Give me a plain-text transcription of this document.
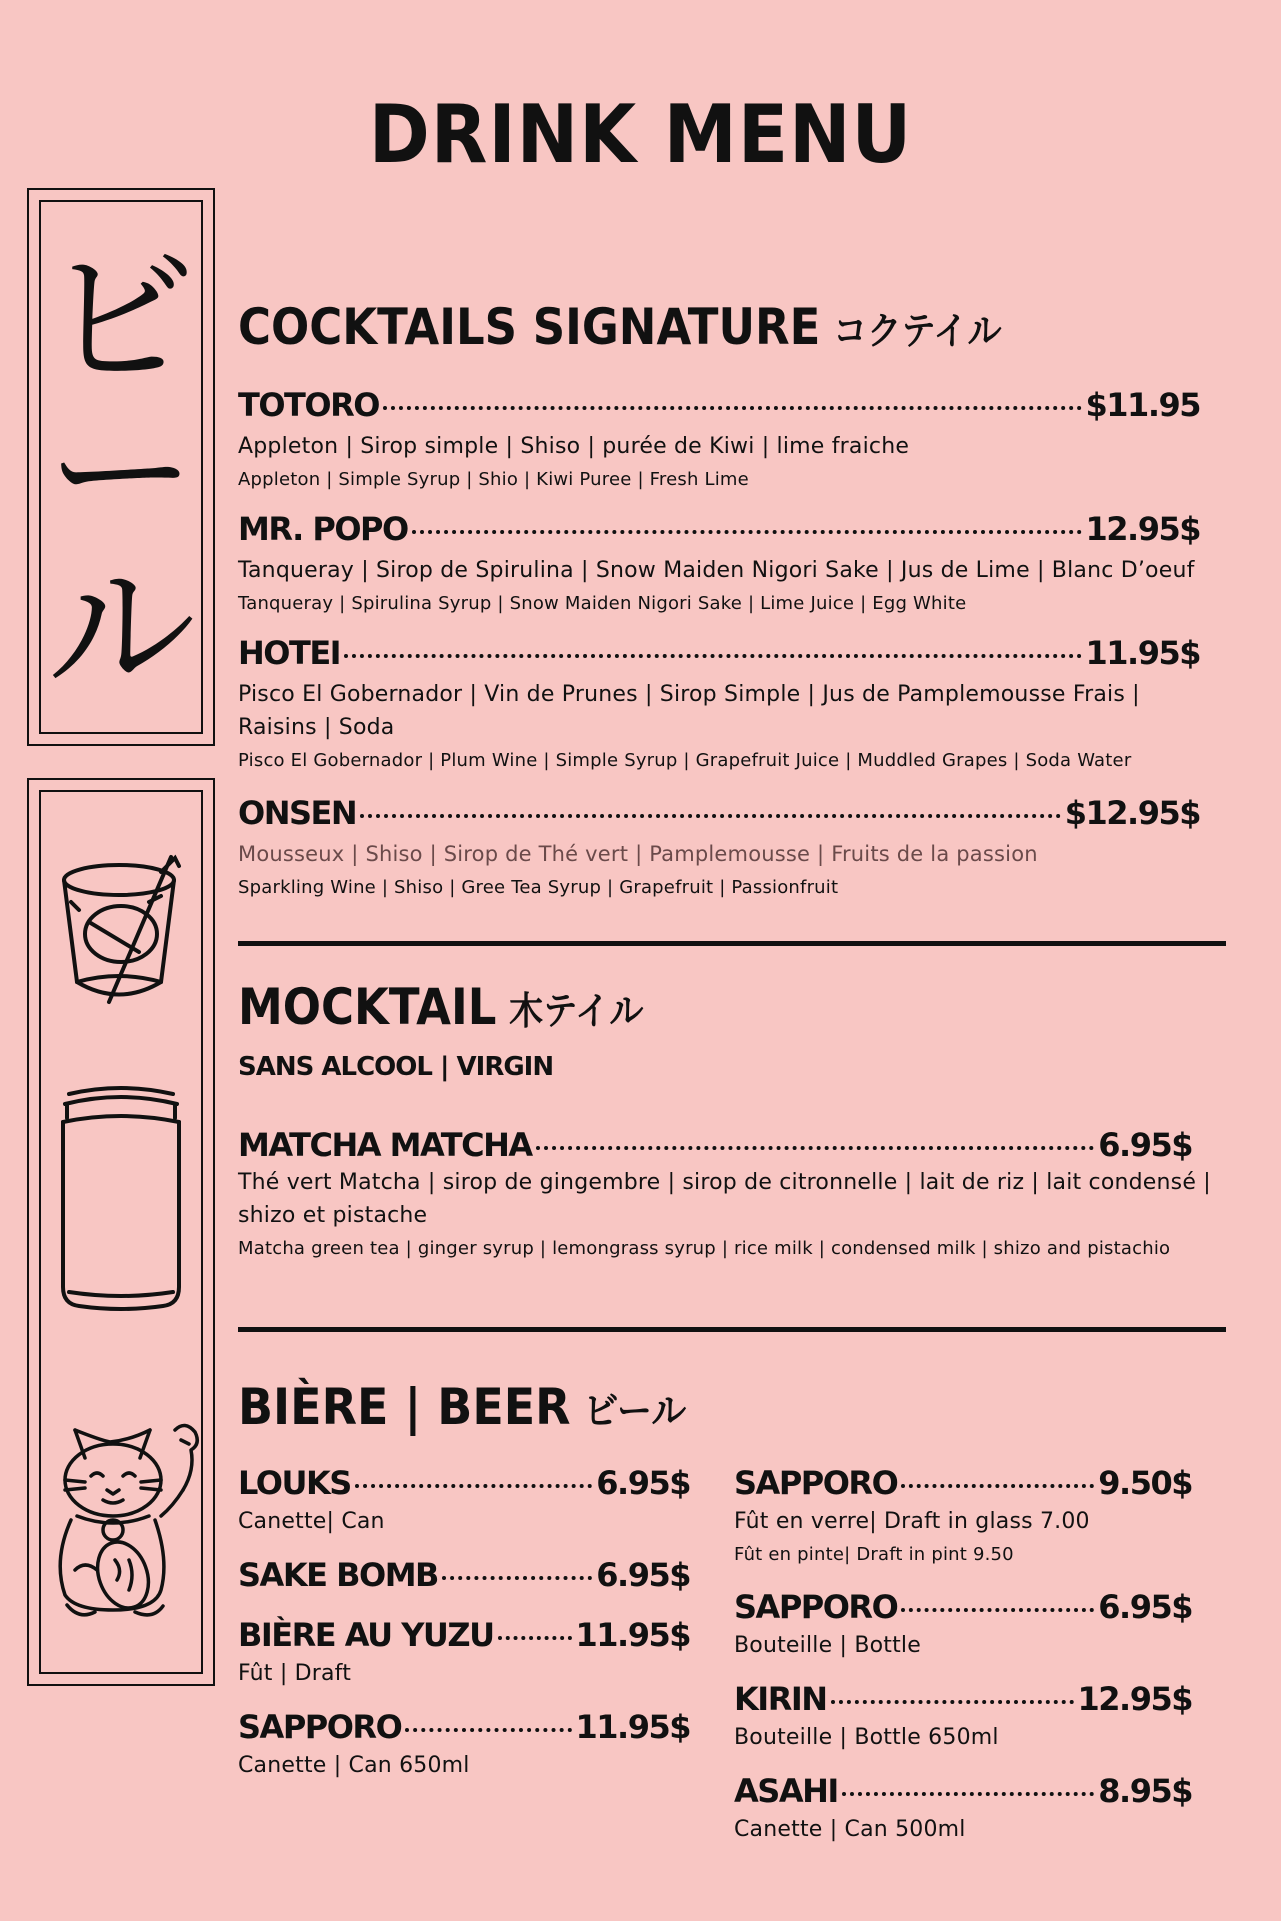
DRINK MENU
ビ
ー
ル
COCKTAILS SIGNATURE コクテイル
TOTORO	$11.95
Appleton | Sirop simple | Shiso | purée de Kiwi | lime fraiche
Appleton | Simple Syrup | Shio | Kiwi Puree | Fresh Lime
MR. POPO	12.95$
Tanqueray | Sirop de Spirulina | Snow Maiden Nigori Sake | Jus de Lime | Blanc D’oeuf
Tanqueray | Spirulina Syrup | Snow Maiden Nigori Sake | Lime Juice | Egg White
HOTEI	11.95$
Pisco El Gobernador | Vin de Prunes | Sirop Simple | Jus de Pamplemousse Frais |
Raisins | Soda
Pisco El Gobernador | Plum Wine | Simple Syrup | Grapefruit Juice | Muddled Grapes | Soda Water
ONSEN	$12.95$
Mousseux | Shiso | Sirop de Thé vert | Pamplemousse | Fruits de la passion
Sparkling Wine | Shiso | Gree Tea Syrup | Grapefruit | Passionfruit
MOCKTAIL 木テイル
SANS ALCOOL | VIRGIN
MATCHA MATCHA	6.95$
Thé vert Matcha | sirop de gingembre | sirop de citronnelle | lait de riz | lait condensé |
shizo et pistache
Matcha green tea | ginger syrup | lemongrass syrup | rice milk | condensed milk | shizo and pistachio
BIÈRE | BEER ビール
LOUKS	6.95$
Canette| Can
SAKE BOMB	6.95$
BIÈRE AU YUZU	11.95$
Fût | Draft
SAPPORO	11.95$
Canette | Can 650ml
SAPPORO	9.50$
Fût en verre| Draft in glass 7.00
Fût en pinte| Draft in pint 9.50
SAPPORO	6.95$
Bouteille | Bottle
KIRIN	12.95$
Bouteille | Bottle 650ml
ASAHI	8.95$
Canette | Can 500ml
